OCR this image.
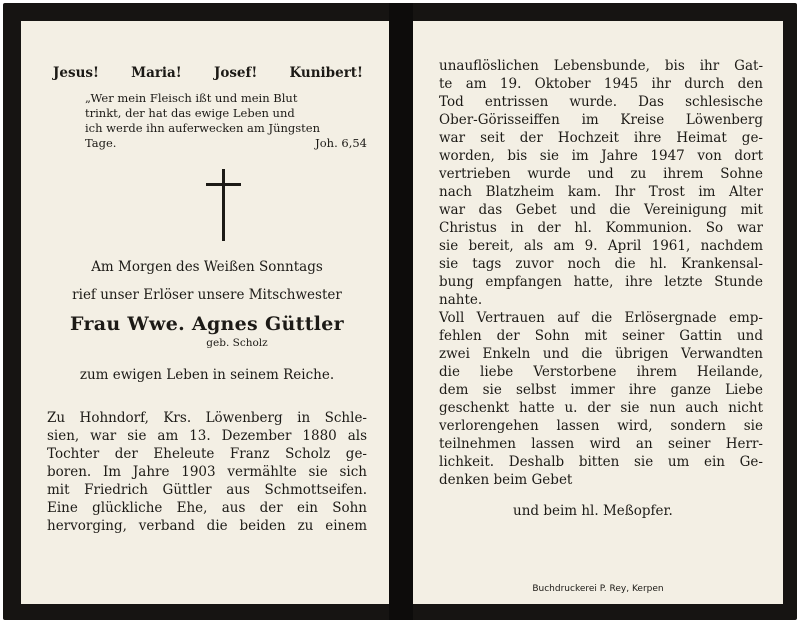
Jesus! Maria! Josef! Kunibert!
„Wer mein Fleisch ißt und mein Blut
trinkt, der hat das ewige Leben und
ich werde ihn auferwecken am Jüngsten
Tage.	Joh. 6,54
Am Morgen des Weißen Sonntags
rief unser Erlöser unsere Mitschwester
Frau Wwe. Agnes Güttler
geb. Scholz
zum ewigen Leben in seinem Reiche.
Zu Hohndorf, Krs. Löwenberg in Schle-
sien, war sie am 13. Dezember 1880 als
Tochter der Eheleute Franz Scholz ge-
boren. Im Jahre 1903 vermählte sie sich
mit Friedrich Güttler aus Schmottseifen.
Eine glückliche Ehe, aus der ein Sohn
hervorging, verband die beiden zu einem
unauflöslichen Lebensbunde, bis ihr Gat-
te am 19. Oktober 1945 ihr durch den
Tod entrissen wurde. Das schlesische
Ober-Görisseiffen im Kreise Löwenberg
war seit der Hochzeit ihre Heimat ge-
worden, bis sie im Jahre 1947 von dort
vertrieben wurde und zu ihrem Sohne
nach Blatzheim kam. Ihr Trost im Alter
war das Gebet und die Vereinigung mit
Christus in der hl. Kommunion. So war
sie bereit, als am 9. April 1961, nachdem
sie tags zuvor noch die hl. Krankensal-
bung empfangen hatte, ihre letzte Stunde
nahte.
Voll Vertrauen auf die Erlösergnade emp-
fehlen der Sohn mit seiner Gattin und
zwei Enkeln und die übrigen Verwandten
die liebe Verstorbene ihrem Heilande,
dem sie selbst immer ihre ganze Liebe
geschenkt hatte u. der sie nun auch nicht
verlorengehen lassen wird, sondern sie
teilnehmen lassen wird an seiner Herr-
lichkeit. Deshalb bitten sie um ein Ge-
denken beim Gebet
und beim hl. Meßopfer.
Buchdruckerei P. Rey, Kerpen
